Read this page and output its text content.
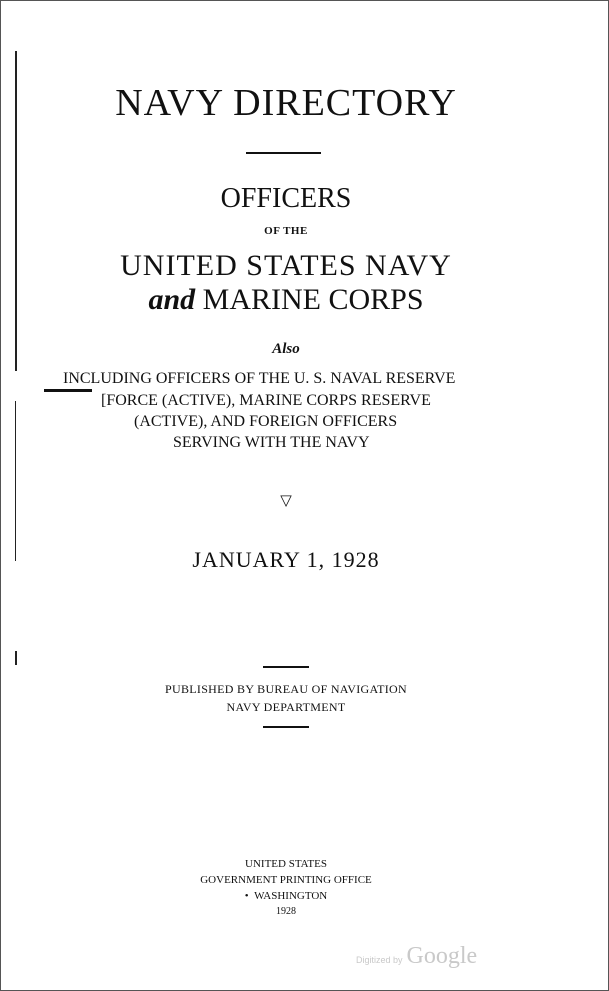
NAVY DIRECTORY
OFFICERS
OF THE
UNITED STATES NAVY
and MARINE CORPS
Also
INCLUDING OFFICERS OF THE U. S. NAVAL RESERVE
[FORCE (ACTIVE), MARINE CORPS RESERVE
(ACTIVE), AND FOREIGN OFFICERS
SERVING WITH THE NAVY
▽
JANUARY 1, 1928
PUBLISHED BY BUREAU OF NAVIGATION
NAVY DEPARTMENT
UNITED STATES
GOVERNMENT PRINTING OFFICE
• WASHINGTON
1928
Digitized by Google
